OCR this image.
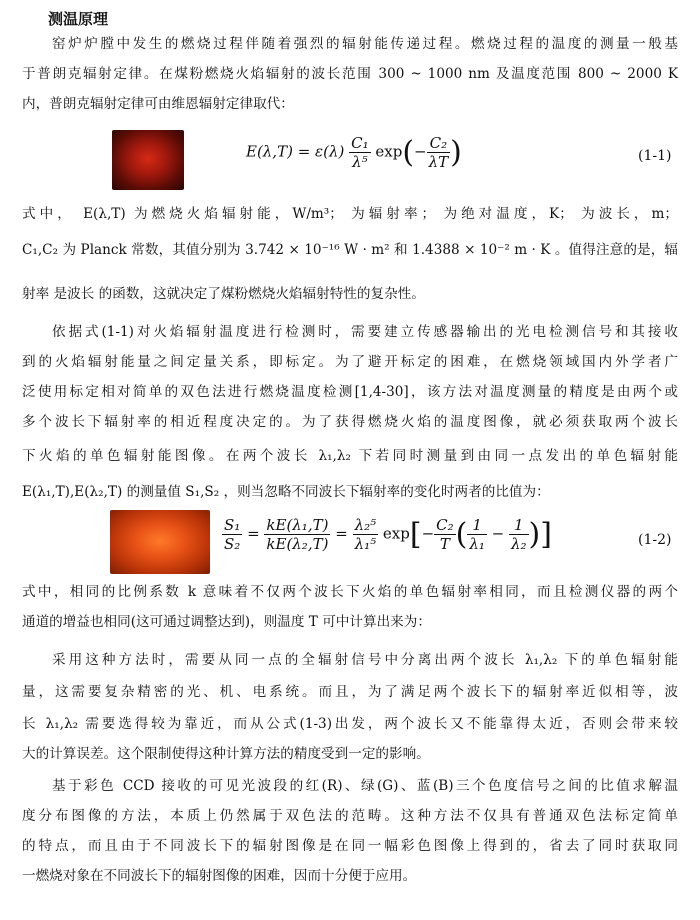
测温原理
窑炉炉膛中发生的燃烧过程伴随着强烈的辐射能传递过程。燃烧过程的温度的测量一般基
于普朗克辐射定律。在煤粉燃烧火焰辐射的波长范围 300 ~ 1000 nm 及温度范围 800 ~ 2000 K
内，普朗克辐射定律可由维恩辐射定律取代：
$E(\lambda,T) = \varepsilon(\lambda) \frac{\text{C₁}}{\text{λ⁵}} \exp(- \frac{\text{C₂}}{\lambda T}$ )	(1-1)
式中， E(λ,T) 为燃烧火焰辐射能，W/m³； 为辐射率； 为绝对温度，K； 为波长，m；
C₁,C₂ 为 Planck 常数，其值分别为 3.742 × 10⁻¹⁶ W · m² 和 1.4388 × 10⁻² m · K 。值得注意的是，辐
射率 是波长 的函数，这就决定了煤粉燃烧火焰辐射特性的复杂性。
依据式(1-1)对火焰辐射温度进行检测时，需要建立传感器输出的光电检测信号和其接收
到的火焰辐射能量之间定量关系，即标定。为了避开标定的困难，在燃烧领域国内外学者广
泛使用标定相对简单的双色法进行燃烧温度检测[1,4-30]，该方法对温度测量的精度是由两个或
多个波长下辐射率的相近程度决定的。为了获得燃烧火焰的温度图像，就必须获取两个波长
下火焰的单色辐射能图像。在两个波长 λ₁,λ₂ 下若同时测量到由同一点发出的单色辐射能
E(λ₁,T),E(λ₂,T) 的测量值 S₁,S₂ ，则当忽略不同波长下辐射率的变化时两者的比值为：
$\frac{\text{S₁}}{\text{S₂}} = \frac{\text{kE(λ₁,T)}}{\text{kE(λ₂,T)}} = \frac{\text{λ₂⁵}}{\text{λ₁⁵}} \exp[- \frac{\text{C₂}}{T}$ ( $\frac{1}{\text{λ₁}} - \frac{1}{\text{λ₂}}$ )]	(1-2)
式中，相同的比例系数 k 意味着不仅两个波长下火焰的单色辐射率相同，而且检测仪器的两个
通道的增益也相同(这可通过调整达到)，则温度 T 可中计算出来为：
采用这种方法时，需要从同一点的全辐射信号中分离出两个波长 λ₁,λ₂ 下的单色辐射能
量，这需要复杂精密的光、机、电系统。而且，为了满足两个波长下的辐射率近似相等，波
长 λ₁,λ₂ 需要选得较为靠近，而从公式(1-3)出发，两个波长又不能靠得太近，否则会带来较
大的计算误差。这个限制使得这种计算方法的精度受到一定的影响。
基于彩色 CCD 接收的可见光波段的红(R)、绿(G)、蓝(B)三个色度信号之间的比值求解温
度分布图像的方法，本质上仍然属于双色法的范畴。这种方法不仅具有普通双色法标定简单
的特点，而且由于不同波长下的辐射图像是在同一幅彩色图像上得到的，省去了同时获取同
一燃烧对象在不同波长下的辐射图像的困难，因而十分便于应用。
